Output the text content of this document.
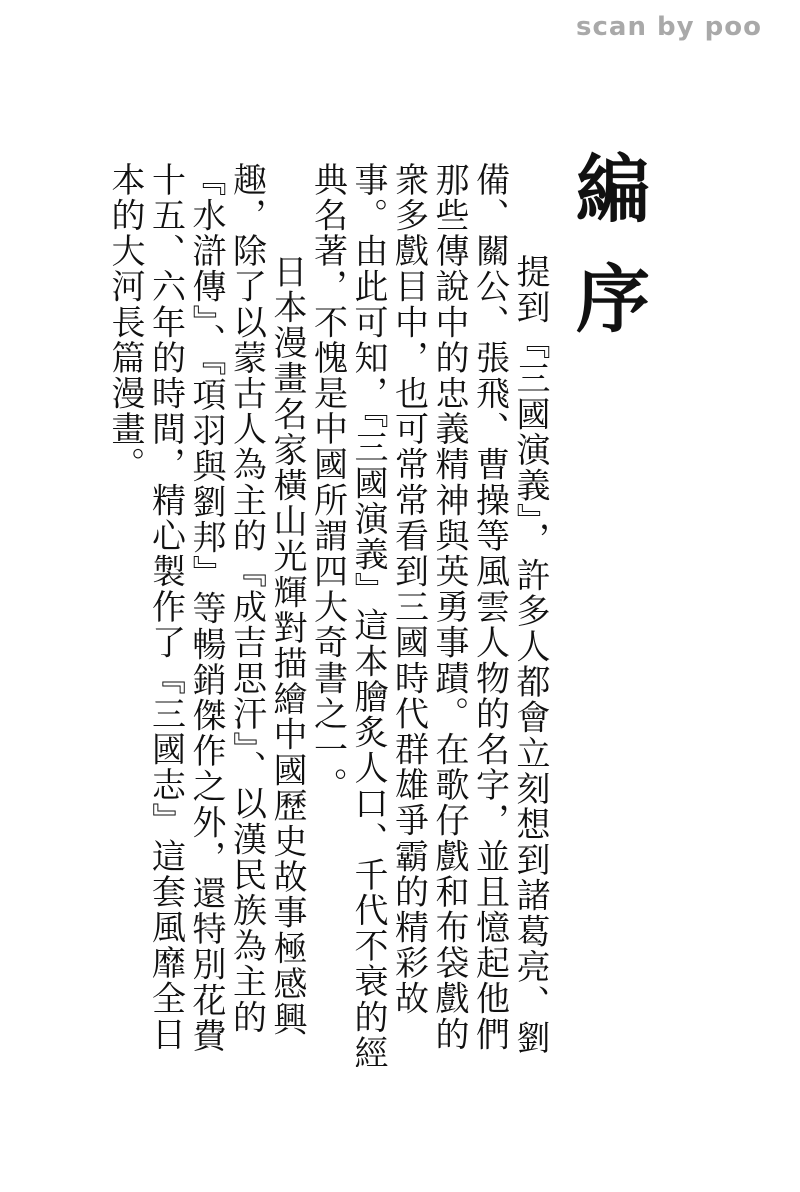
scan by poo
編序

提到『三國演義』，許多人都會立刻想到諸葛亮、劉備、關公、張飛、曹操等風雲人物的名字，並且憶起他們那些傳說中的忠義精神與英勇事蹟。在歌仔戲和布袋戲的衆多戲目中，也可常常看到三國時代群雄爭霸的精彩故事。由此可知，『三國演義』這本膾炙人口、千代不衰的經典名著，不愧是中國所謂四大奇書之一。

日本漫畫名家橫山光輝對描繪中國歷史故事極感興趣，除了以蒙古人為主的『成吉思汗』、以漢民族為主的『水滸傳』、『項羽與劉邦』等暢銷傑作之外，還特別花費十五、六年的時間，精心製作了『三國志』這套風靡全日本的大河長篇漫畫。
